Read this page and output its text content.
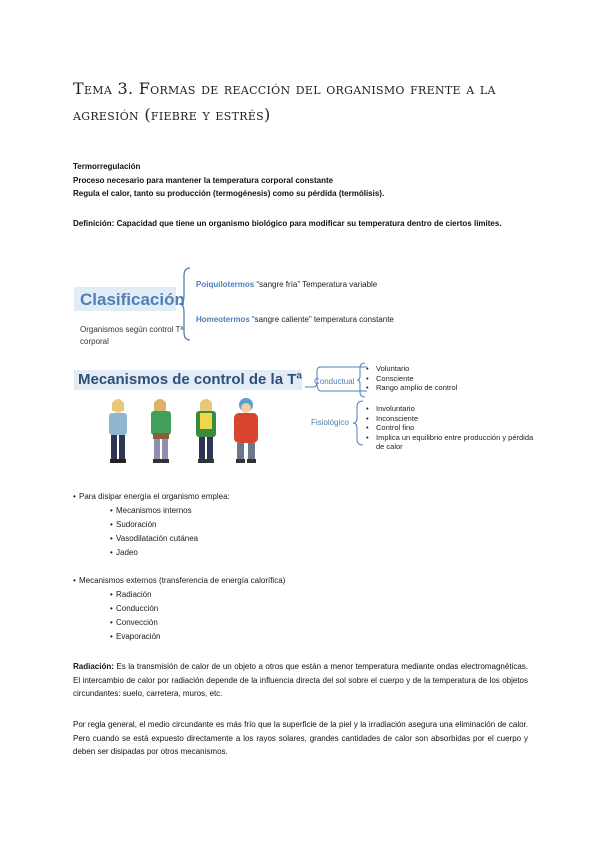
Tema 3. Formas de reacción del organismo frente a la agresión (fiebre y estrés)
Termorregulación
Proceso necesario para mantener la temperatura corporal constante
Regula el calor, tanto su producción (termogénesis) como su pérdida (termólisis).
Definición: Capacidad que tiene un organismo biológico para modificar su temperatura dentro de ciertos límites.
Clasificación
Organismos según control Tª corporal
Poiquilotermos “sangre fría” Temperatura variable
Homeotermos “sangre caliente” temperatura constante
Mecanismos de control de la Tª Conductual
• Voluntario
• Consciente
• Rango amplio de control
Fisiológico
• Involuntario
• Inconsciente
• Control fino
• Implica un equilibrio entre producción y pérdida de calor
• Para disipar energía el organismo emplea:
• Mecanismos internos
• Sudoración
• Vasodilatación cutánea
• Jadeo
• Mecanismos externos (transferencia de energía calorífica)
• Radiación
• Conducción
• Convección
• Evaporación
Radiación: Es la transmisión de calor de un objeto a otros que están a menor temperatura mediante ondas electromagnéticas. El intercambio de calor por radiación depende de la influencia directa del sol sobre el cuerpo y de la temperatura de los objetos circundantes: suelo, carretera, muros, etc.
Por regla general, el medio circundante es más frío que la superficie de la piel y la irradiación asegura una eliminación de calor. Pero cuando se está expuesto directamente a los rayos solares, grandes cantidades de calor son absorbidas por el cuerpo y deben ser disipadas por otros mecanismos.
